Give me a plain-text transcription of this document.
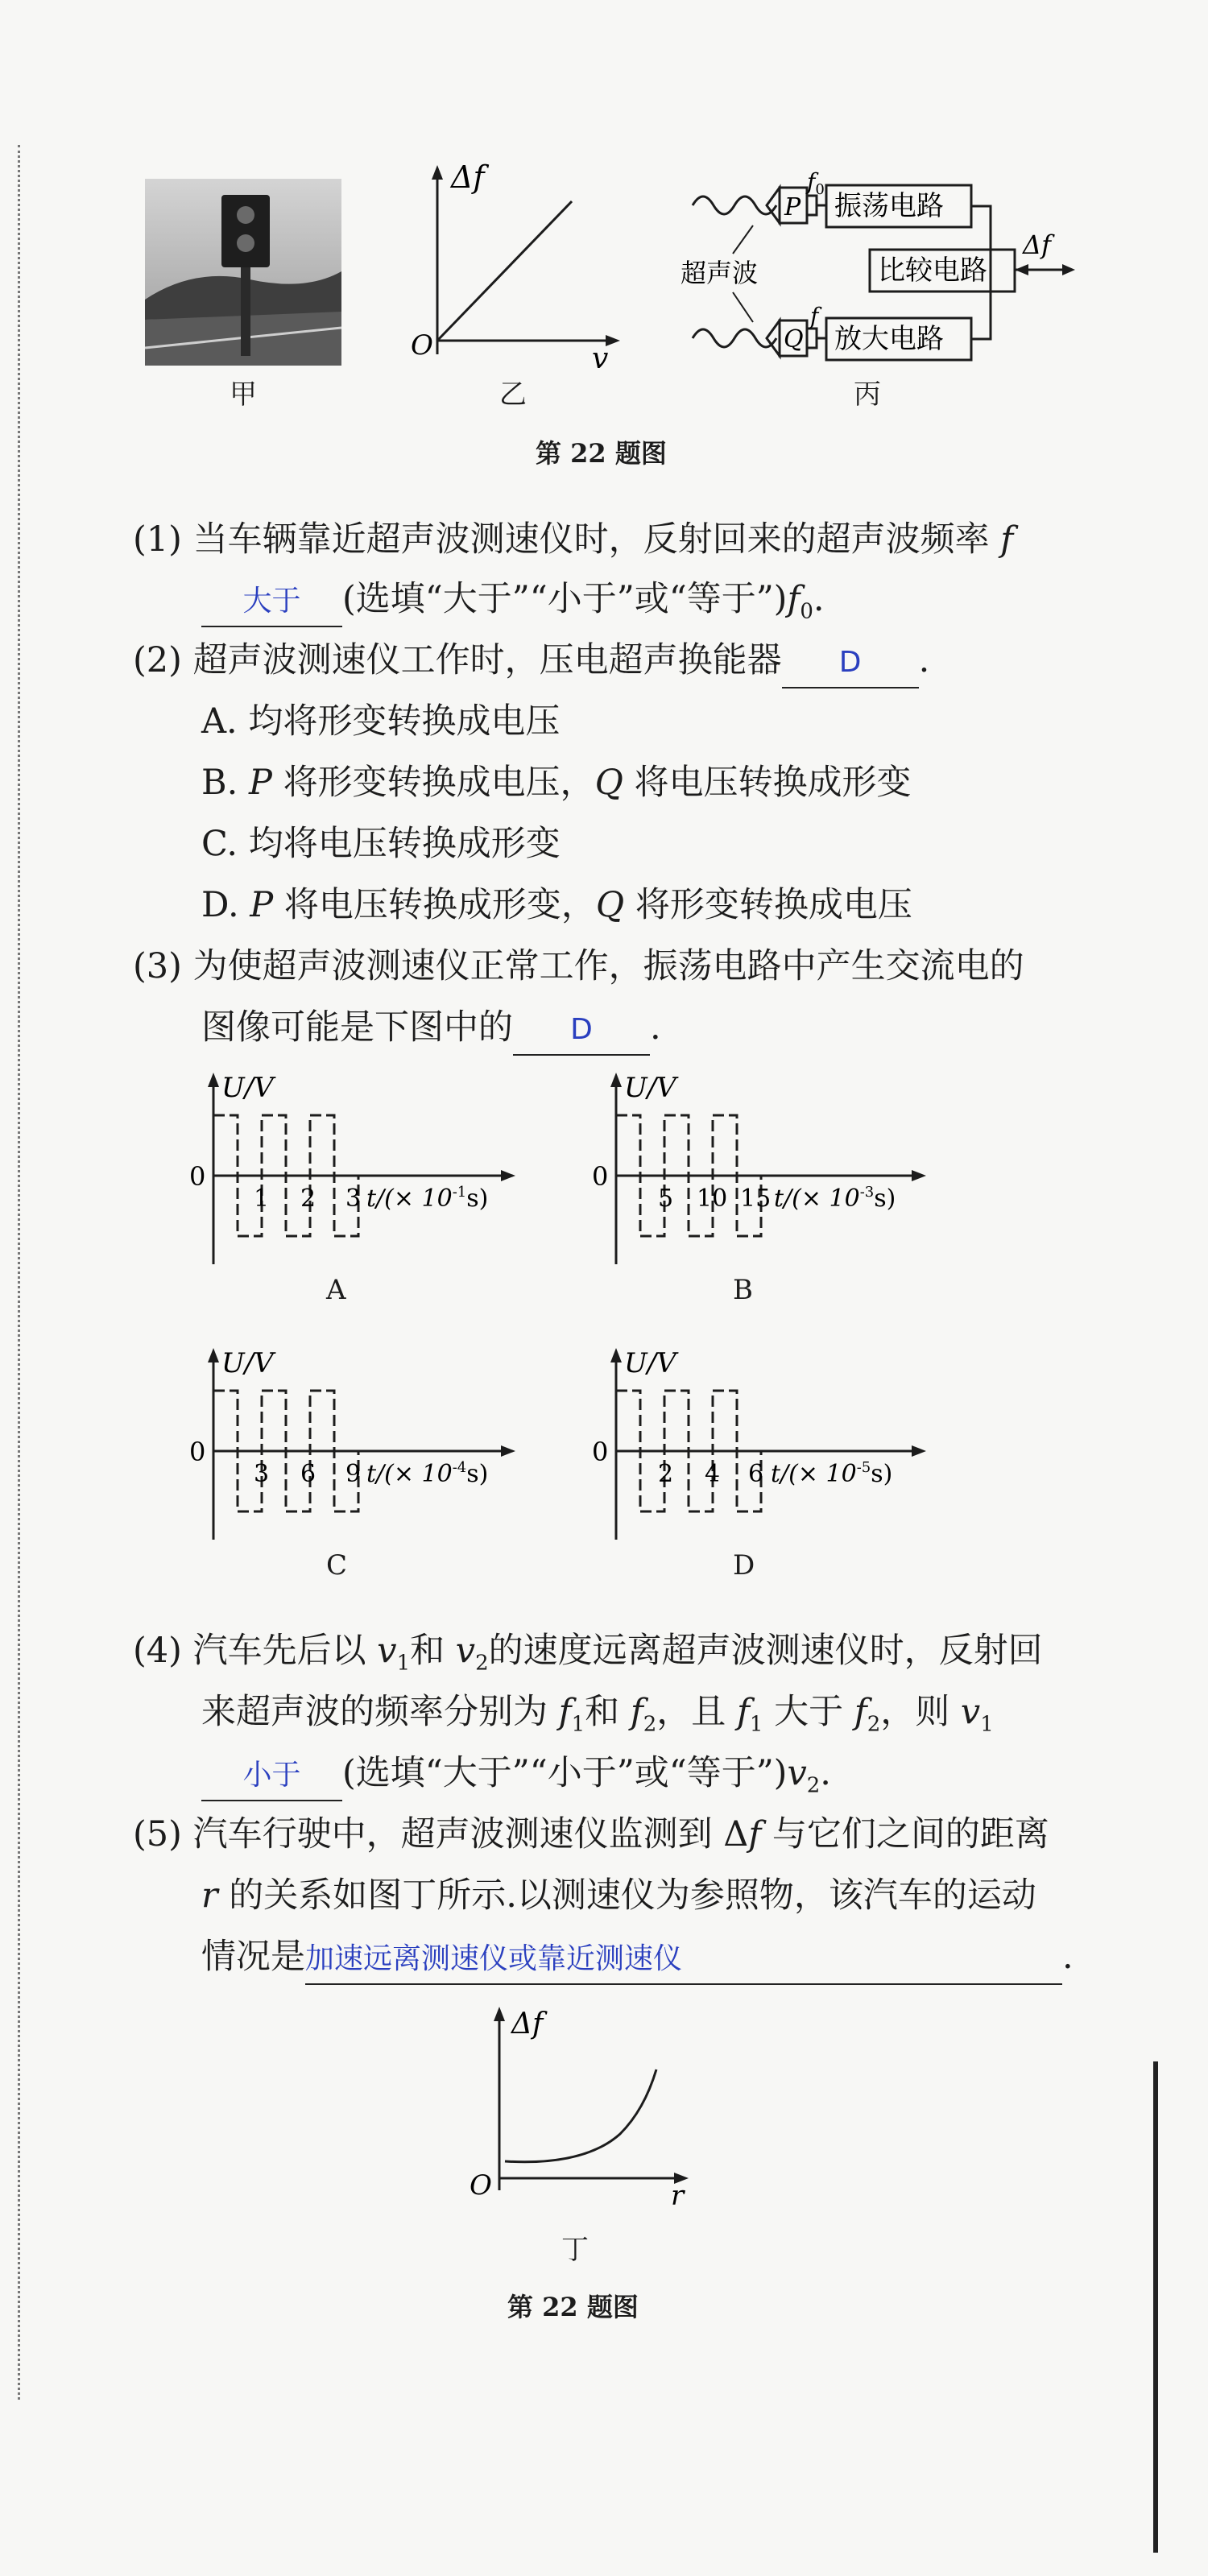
甲
Δf
v
O
乙
P
Q
超声波
振荡电路
$f_0$
放大电路
f
比较电路
Δf
丙
第 22 题图
(1) 当车辆靠近超声波测速仪时，反射回来的超声波频率 f
大于 (选填“大于”“小于”或“等于$”)f_0$.
(2) 超声波测速仪工作时，压电超声换能器 D .
A. 均将形变转换成电压
B. P 将形变转换成电压，Q 将电压转换成形变
C. 均将电压转换成形变
D. P 将电压转换成形变，Q 将形变转换成电压
(3) 为使超声波测速仪正常工作，振荡电路中产生交流电的
图像可能是下图中的 D .
U/V
0
1 2 3 $t/(\times 10^{-1}s)$
A
U/V
0
5 10 15 $t/(\times 10^{-3}s)$
B
U/V
0
3 6 9 $t/(\times 10^{-4}s)$
C
U/V
0
2 4 6 $t/(\times 10^{-5}s)$
D
(4) 汽车先后以 $v_1$和 $v_2$的速度远离超声波测速仪时，反射回
来超声波的频率分别为 $f_1$和 $f_2$，且 $f_1$ 大于 $f_2$，则 $v_1$
小于 (选填“大于”“小于”或“等于$”)v_2$.
(5) 汽车行驶中，超声波测速仪监测到 Δf 与它们之间的距离
r 的关系如图丁所示.以测速仪为参照物，该汽车的运动
情况是加速远离测速仪或靠近测速仪	.
Δf
r
O
丁
第 22 题图
